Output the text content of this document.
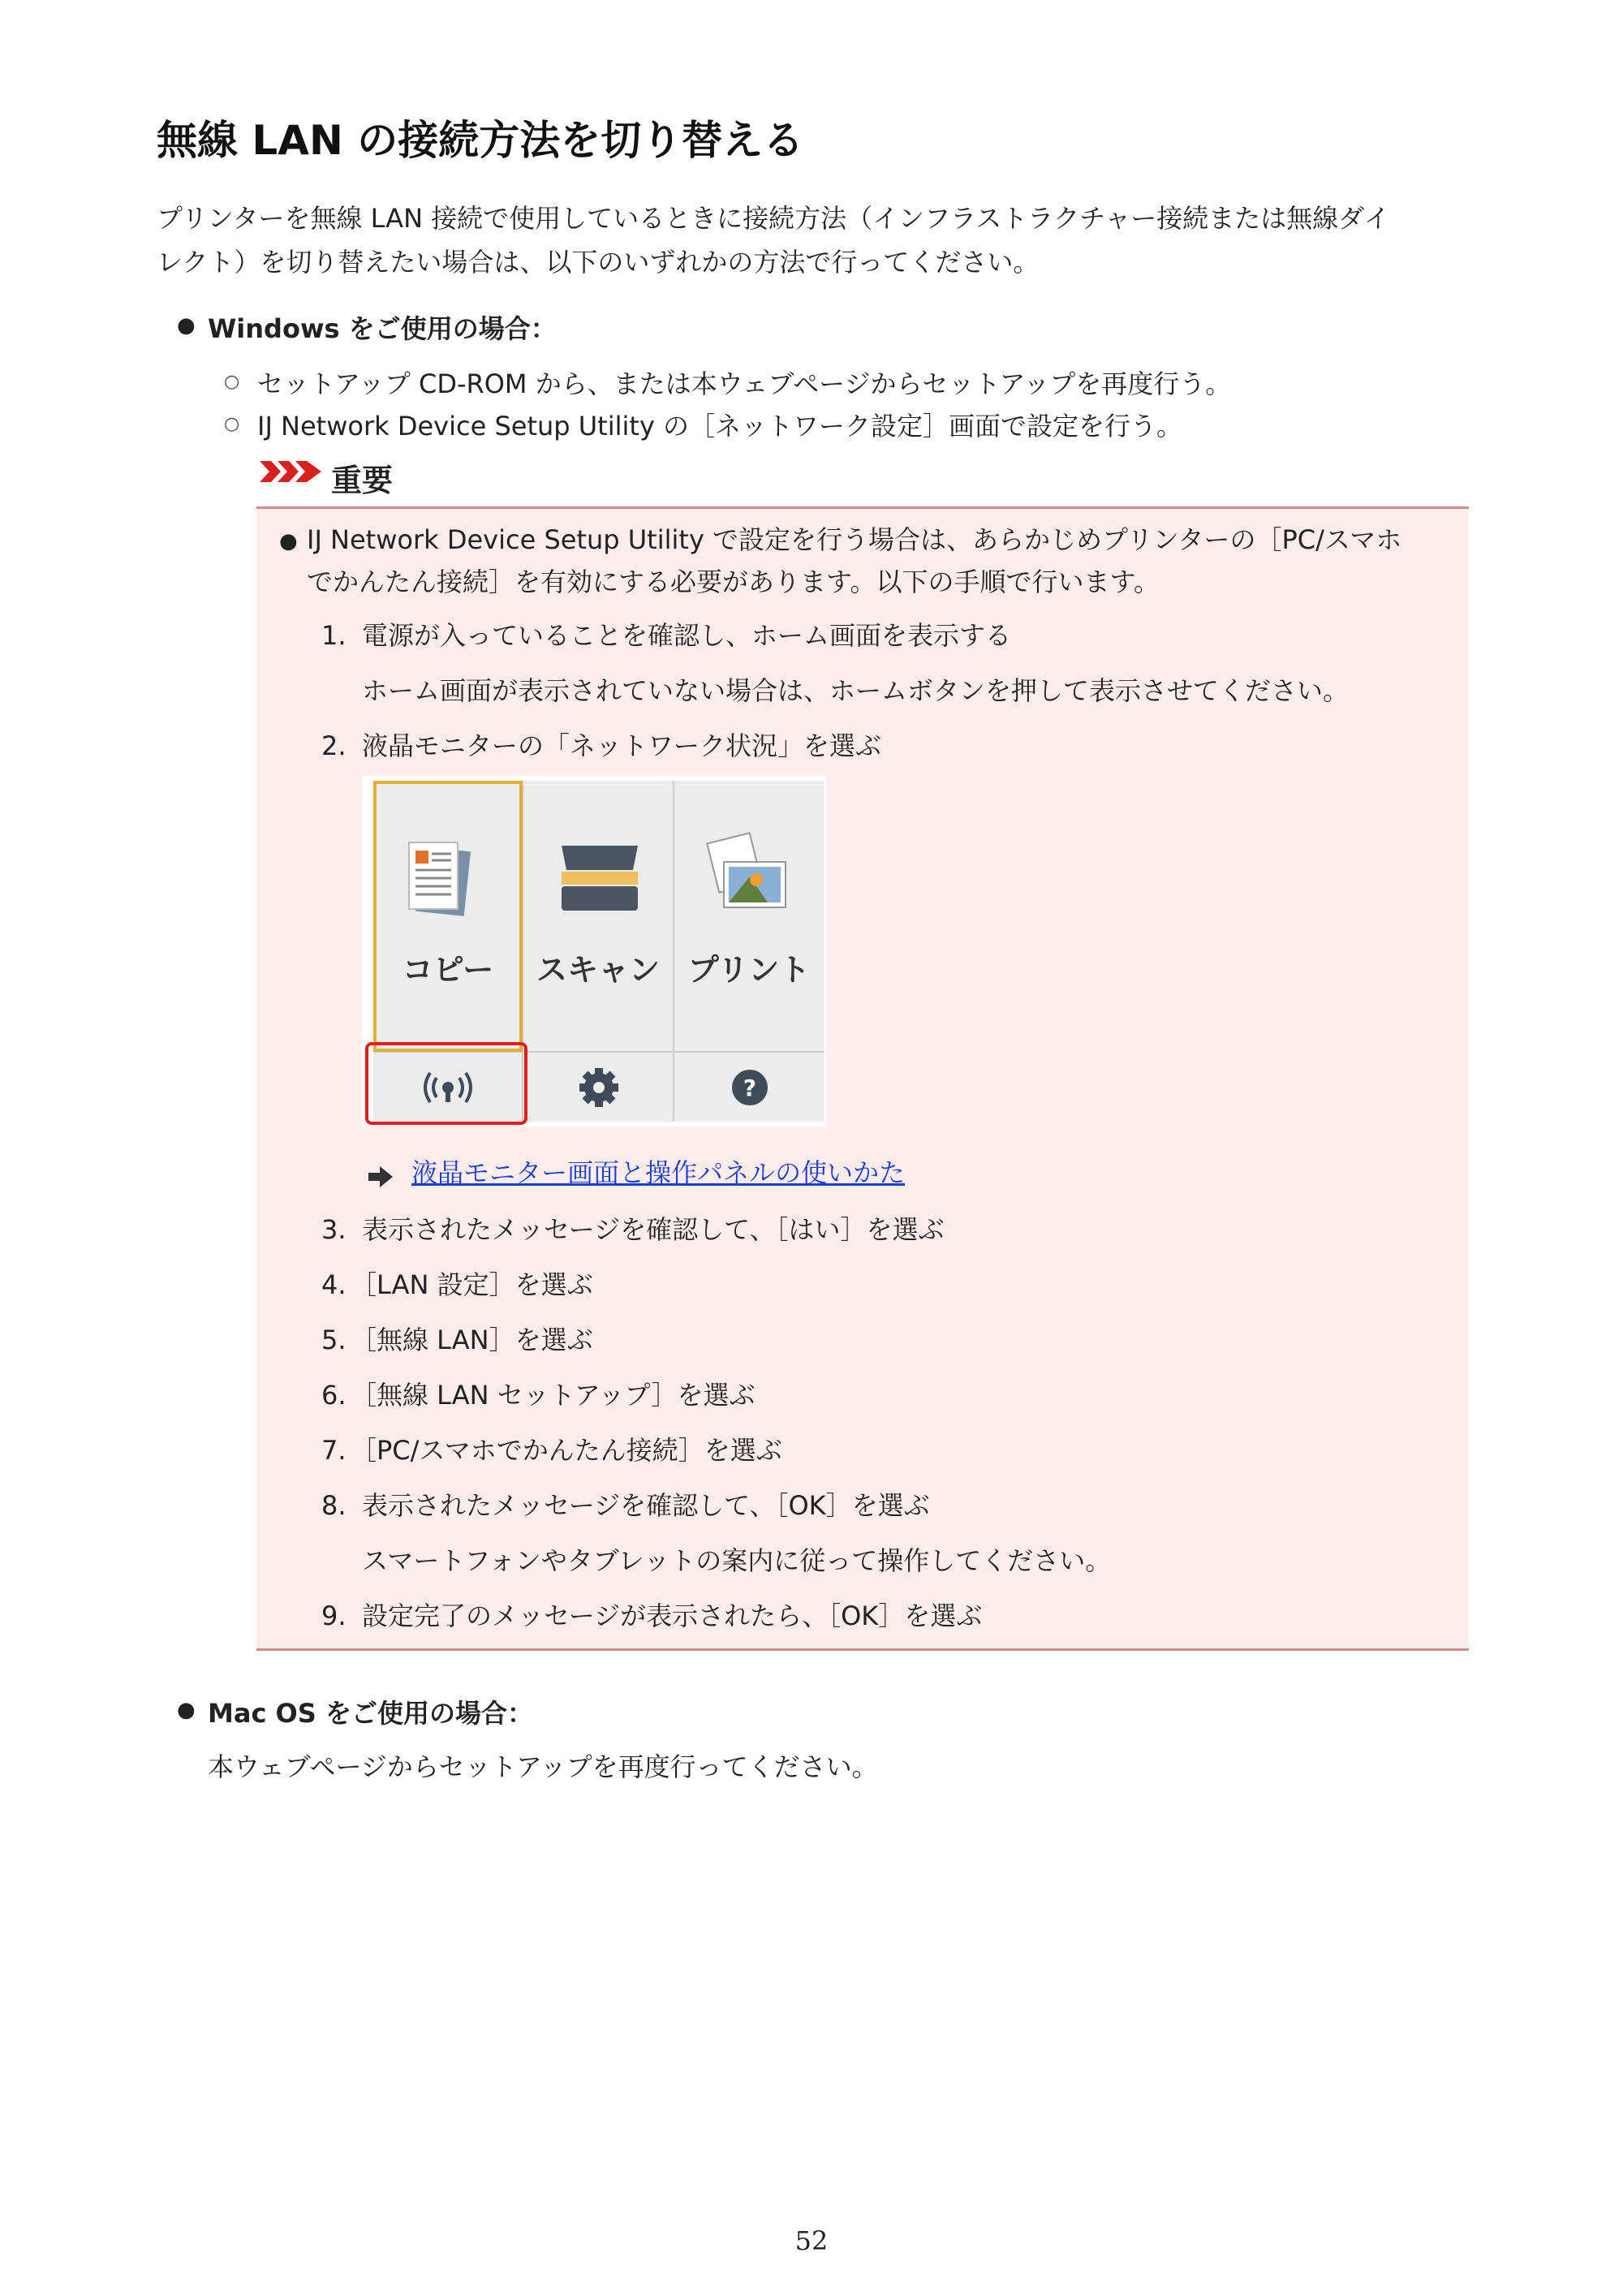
無線 LAN の接続方法を切り替える
プリンターを無線 LAN 接続で使用しているときに接続方法（インフラストラクチャー接続または無線ダイ
レクト）を切り替えたい場合は、以下のいずれかの方法で行ってください。
● Windows をご使用の場合：
○ セットアップ CD-ROM から、または本ウェブページからセットアップを再度行う。
○ IJ Network Device Setup Utility の［ネットワーク設定］画面で設定を行う。
重要
● IJ Network Device Setup Utility で設定を行う場合は、あらかじめプリンターの［PC/スマホ
でかんたん接続］を有効にする必要があります。以下の手順で行います。
1. 電源が入っていることを確認し、ホーム画面を表示する
ホーム画面が表示されていない場合は、ホームボタンを押して表示させてください。
2. 液晶モニターの「ネットワーク状況」を選ぶ
?
コピー	スキャン プリント
液晶モニター画面と操作パネルの使いかた
3. 表示されたメッセージを確認して、［はい］を選ぶ
4. ［LAN 設定］を選ぶ
5. ［無線 LAN］を選ぶ
6. ［無線 LAN セットアップ］を選ぶ
7. ［PC/スマホでかんたん接続］を選ぶ
8. 表示されたメッセージを確認して、［OK］を選ぶ
スマートフォンやタブレットの案内に従って操作してください。
9. 設定完了のメッセージが表示されたら、［OK］を選ぶ
● Mac OS をご使用の場合：
本ウェブページからセットアップを再度行ってください。
52
